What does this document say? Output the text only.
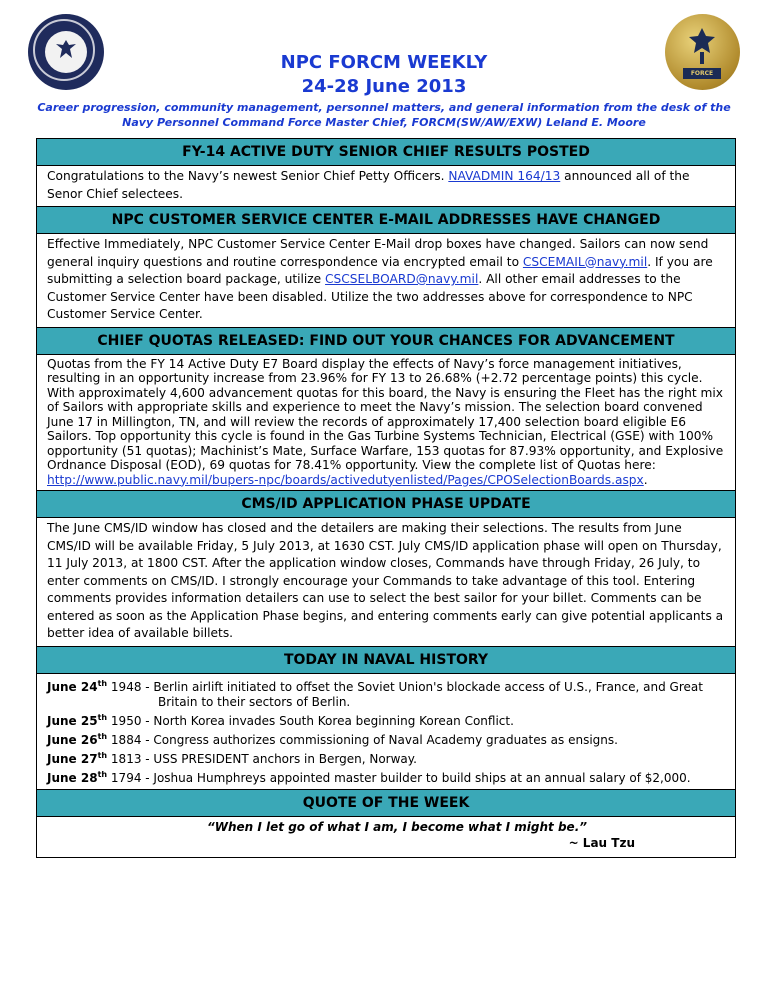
FORCE
NPC FORCM WEEKLY
24-28 June 2013
Career progression, community management, personnel matters, and general information from the desk of the
Navy Personnel Command Force Master Chief, FORCM(SW/AW/EXW) Leland E. Moore
FY-14 ACTIVE DUTY SENIOR CHIEF RESULTS POSTED
Congratulations to the Navy’s newest Senior Chief Petty Officers. NAVADMIN 164/13 announced all of the Senor Chief selectees.
NPC CUSTOMER SERVICE CENTER E-MAIL ADDRESSES HAVE CHANGED
Effective Immediately, NPC Customer Service Center E-Mail drop boxes have changed. Sailors can now send general inquiry questions and routine correspondence via encrypted email to CSCEMAIL@navy.mil. If you are submitting a selection board package, utilize CSCSELBOARD@navy.mil. All other email addresses to the Customer Service Center have been disabled. Utilize the two addresses above for correspondence to NPC Customer Service Center.
CHIEF QUOTAS RELEASED: FIND OUT YOUR CHANCES FOR ADVANCEMENT
Quotas from the FY 14 Active Duty E7 Board display the effects of Navy’s force management initiatives, resulting in an opportunity increase from 23.96% for FY 13 to 26.68% (+2.72 percentage points) this cycle. With approximately 4,600 advancement quotas for this board, the Navy is ensuring the Fleet has the right mix of Sailors with appropriate skills and experience to meet the Navy’s mission. The selection board convened June 17 in Millington, TN, and will review the records of approximately 17,400 selection board eligible E6 Sailors. Top opportunity this cycle is found in the Gas Turbine Systems Technician, Electrical (GSE) with 100% opportunity (51 quotas); Machinist’s Mate, Surface Warfare, 153 quotas for 87.93% opportunity, and Explosive Ordnance Disposal (EOD), 69 quotas for 78.41% opportunity. View the complete list of Quotas here:
http://www.public.navy.mil/bupers-npc/boards/activedutyenlisted/Pages/CPOSelectionBoards.aspx.
CMS/ID APPLICATION PHASE UPDATE
The June CMS/ID window has closed and the detailers are making their selections. The results from June CMS/ID will be available Friday, 5 July 2013, at 1630 CST. July CMS/ID application phase will open on Thursday, 11 July 2013, at 1800 CST. After the application window closes, Commands have through Friday, 26 July, to enter comments on CMS/ID. I strongly encourage your Commands to take advantage of this tool. Entering comments provides information detailers can use to select the best sailor for your billet. Comments can be entered as soon as the Application Phase begins, and entering comments early can give potential applicants a better idea of available billets.
TODAY IN NAVAL HISTORY
June 24th 1948 - Berlin airlift initiated to offset the Soviet Union's blockade access of U.S., France, and Great
Britain to their sectors of Berlin.
June 25th 1950 - North Korea invades South Korea beginning Korean Conflict.
June 26th 1884 - Congress authorizes commissioning of Naval Academy graduates as ensigns.
June 27th 1813 - USS PRESIDENT anchors in Bergen, Norway.
June 28th 1794 - Joshua Humphreys appointed master builder to build ships at an annual salary of $2,000.
QUOTE OF THE WEEK
“When I let go of what I am, I become what I might be.”
~ Lau Tzu
